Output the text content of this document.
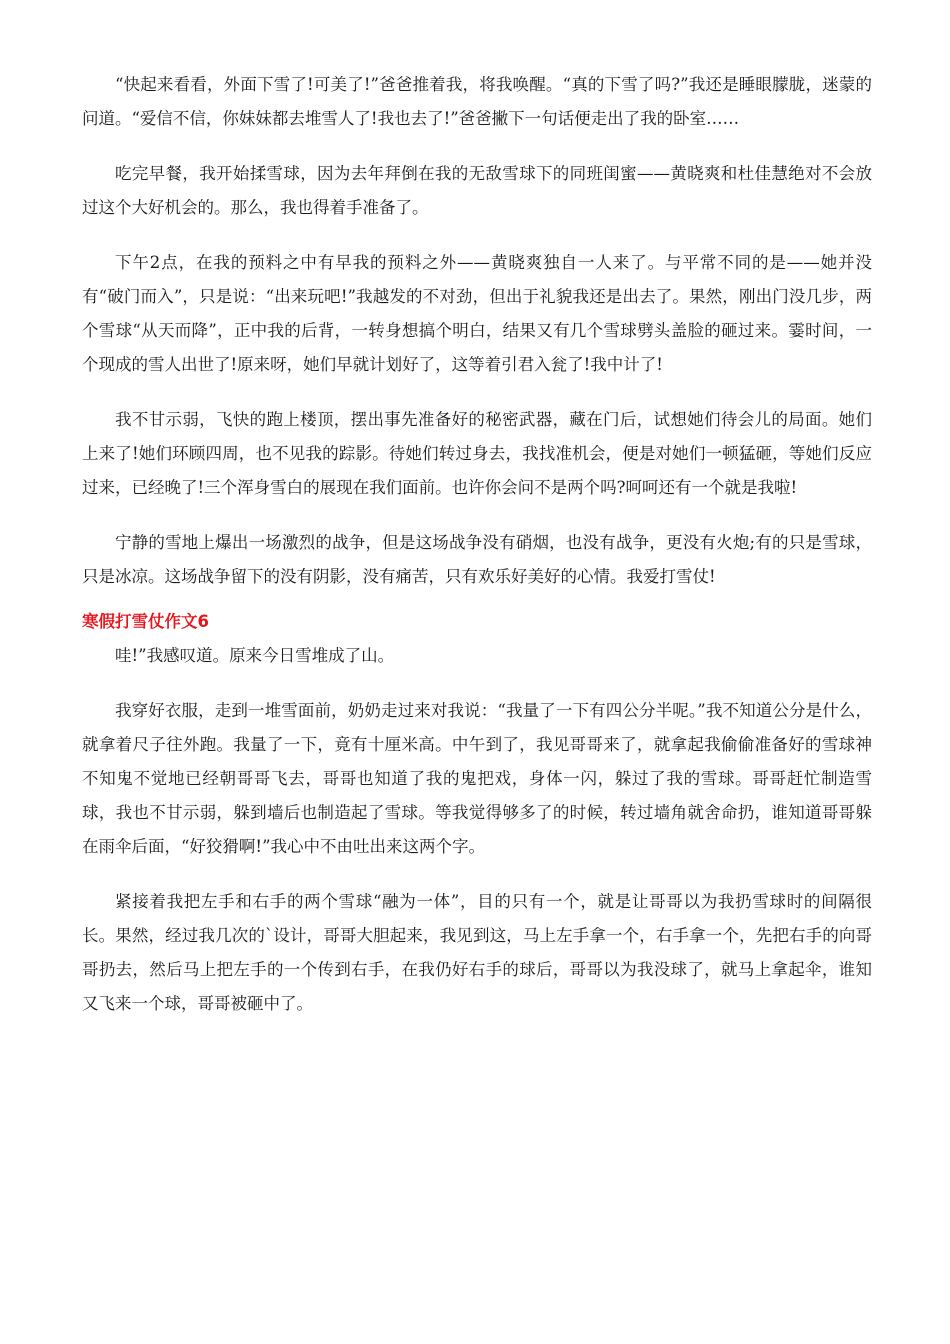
“快起来看看，外面下雪了!可美了!”爸爸推着我，将我唤醒。“真的下雪了吗?”我还是睡眼朦胧，迷蒙的问道。“爱信不信，你妹妹都去堆雪人了!我也去了!”爸爸撇下一句话便走出了我的卧室……

吃完早餐，我开始揉雪球，因为去年拜倒在我的无敌雪球下的同班闺蜜——黄晓爽和杜佳慧绝对不会放过这个大好机会的。那么，我也得着手准备了。

下午2点，在我的预料之中有早我的预料之外——黄晓爽独自一人来了。与平常不同的是——她并没有“破门而入”，只是说：“出来玩吧!”我越发的不对劲，但出于礼貌我还是出去了。果然，刚出门没几步，两个雪球“从天而降”，正中我的后背，一转身想搞个明白，结果又有几个雪球劈头盖脸的砸过来。霎时间，一个现成的雪人出世了!原来呀，她们早就计划好了，这等着引君入瓮了!我中计了!

我不甘示弱，飞快的跑上楼顶，摆出事先准备好的秘密武器，藏在门后，试想她们待会儿的局面。她们上来了!她们环顾四周，也不见我的踪影。待她们转过身去，我找准机会，便是对她们一顿猛砸，等她们反应过来，已经晚了!三个浑身雪白的展现在我们面前。也许你会问不是两个吗?呵呵还有一个就是我啦!

宁静的雪地上爆出一场激烈的战争，但是这场战争没有硝烟，也没有战争，更没有火炮;有的只是雪球，只是冰凉。这场战争留下的没有阴影，没有痛苦，只有欢乐好美好的心情。我爱打雪仗!

寒假打雪仗作文6

哇!”我感叹道。原来今日雪堆成了山。

我穿好衣服，走到一堆雪面前，奶奶走过来对我说：“我量了一下有四公分半呢。”我不知道公分是什么，就拿着尺子往外跑。我量了一下，竟有十厘米高。中午到了，我见哥哥来了，就拿起我偷偷准备好的雪球神不知鬼不觉地已经朝哥哥飞去，哥哥也知道了我的鬼把戏，身体一闪，躲过了我的雪球。哥哥赶忙制造雪球，我也不甘示弱，躲到墙后也制造起了雪球。等我觉得够多了的时候，转过墙角就舍命扔，谁知道哥哥躲在雨伞后面，“好狡猾啊!”我心中不由吐出来这两个字。

紧接着我把左手和右手的两个雪球“融为一体”，目的只有一个，就是让哥哥以为我扔雪球时的间隔很长。果然，经过我几次的`设计，哥哥大胆起来，我见到这，马上左手拿一个，右手拿一个，先把右手的向哥哥扔去，然后马上把左手的一个传到右手，在我仍好右手的球后，哥哥以为我没球了，就马上拿起伞，谁知又飞来一个球，哥哥被砸中了。
